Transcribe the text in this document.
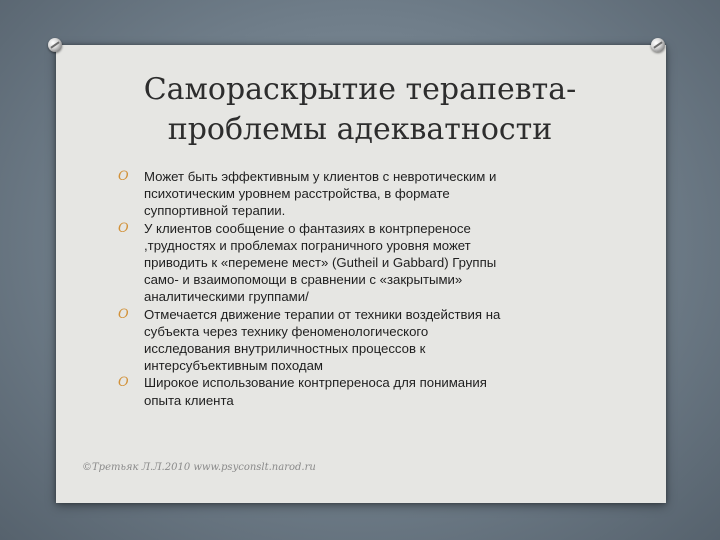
Самораскрытие терапевта-
проблемы адекватности
O Может быть эффективным у клиентов с невротическим и
психотическим уровнем расстройства, в формате
суппортивной терапии.
O У клиентов сообщение о фантазиях в контрпереносе
,трудностях и проблемах пограничного уровня может
приводить к «перемене мест» (Gutheil и Gabbard) Группы
само- и взаимопомощи в сравнении с «закрытыми»
аналитическими группами/
O Отмечается движение терапии от техники воздействия на
субъекта через технику феноменологического
исследования внутриличностных процессов к
интерсубъективным походам
O Широкое использование контрпереноса для понимания
опыта клиента
©Третьяк Л.Л.2010 www.psyconslt.narod.ru
